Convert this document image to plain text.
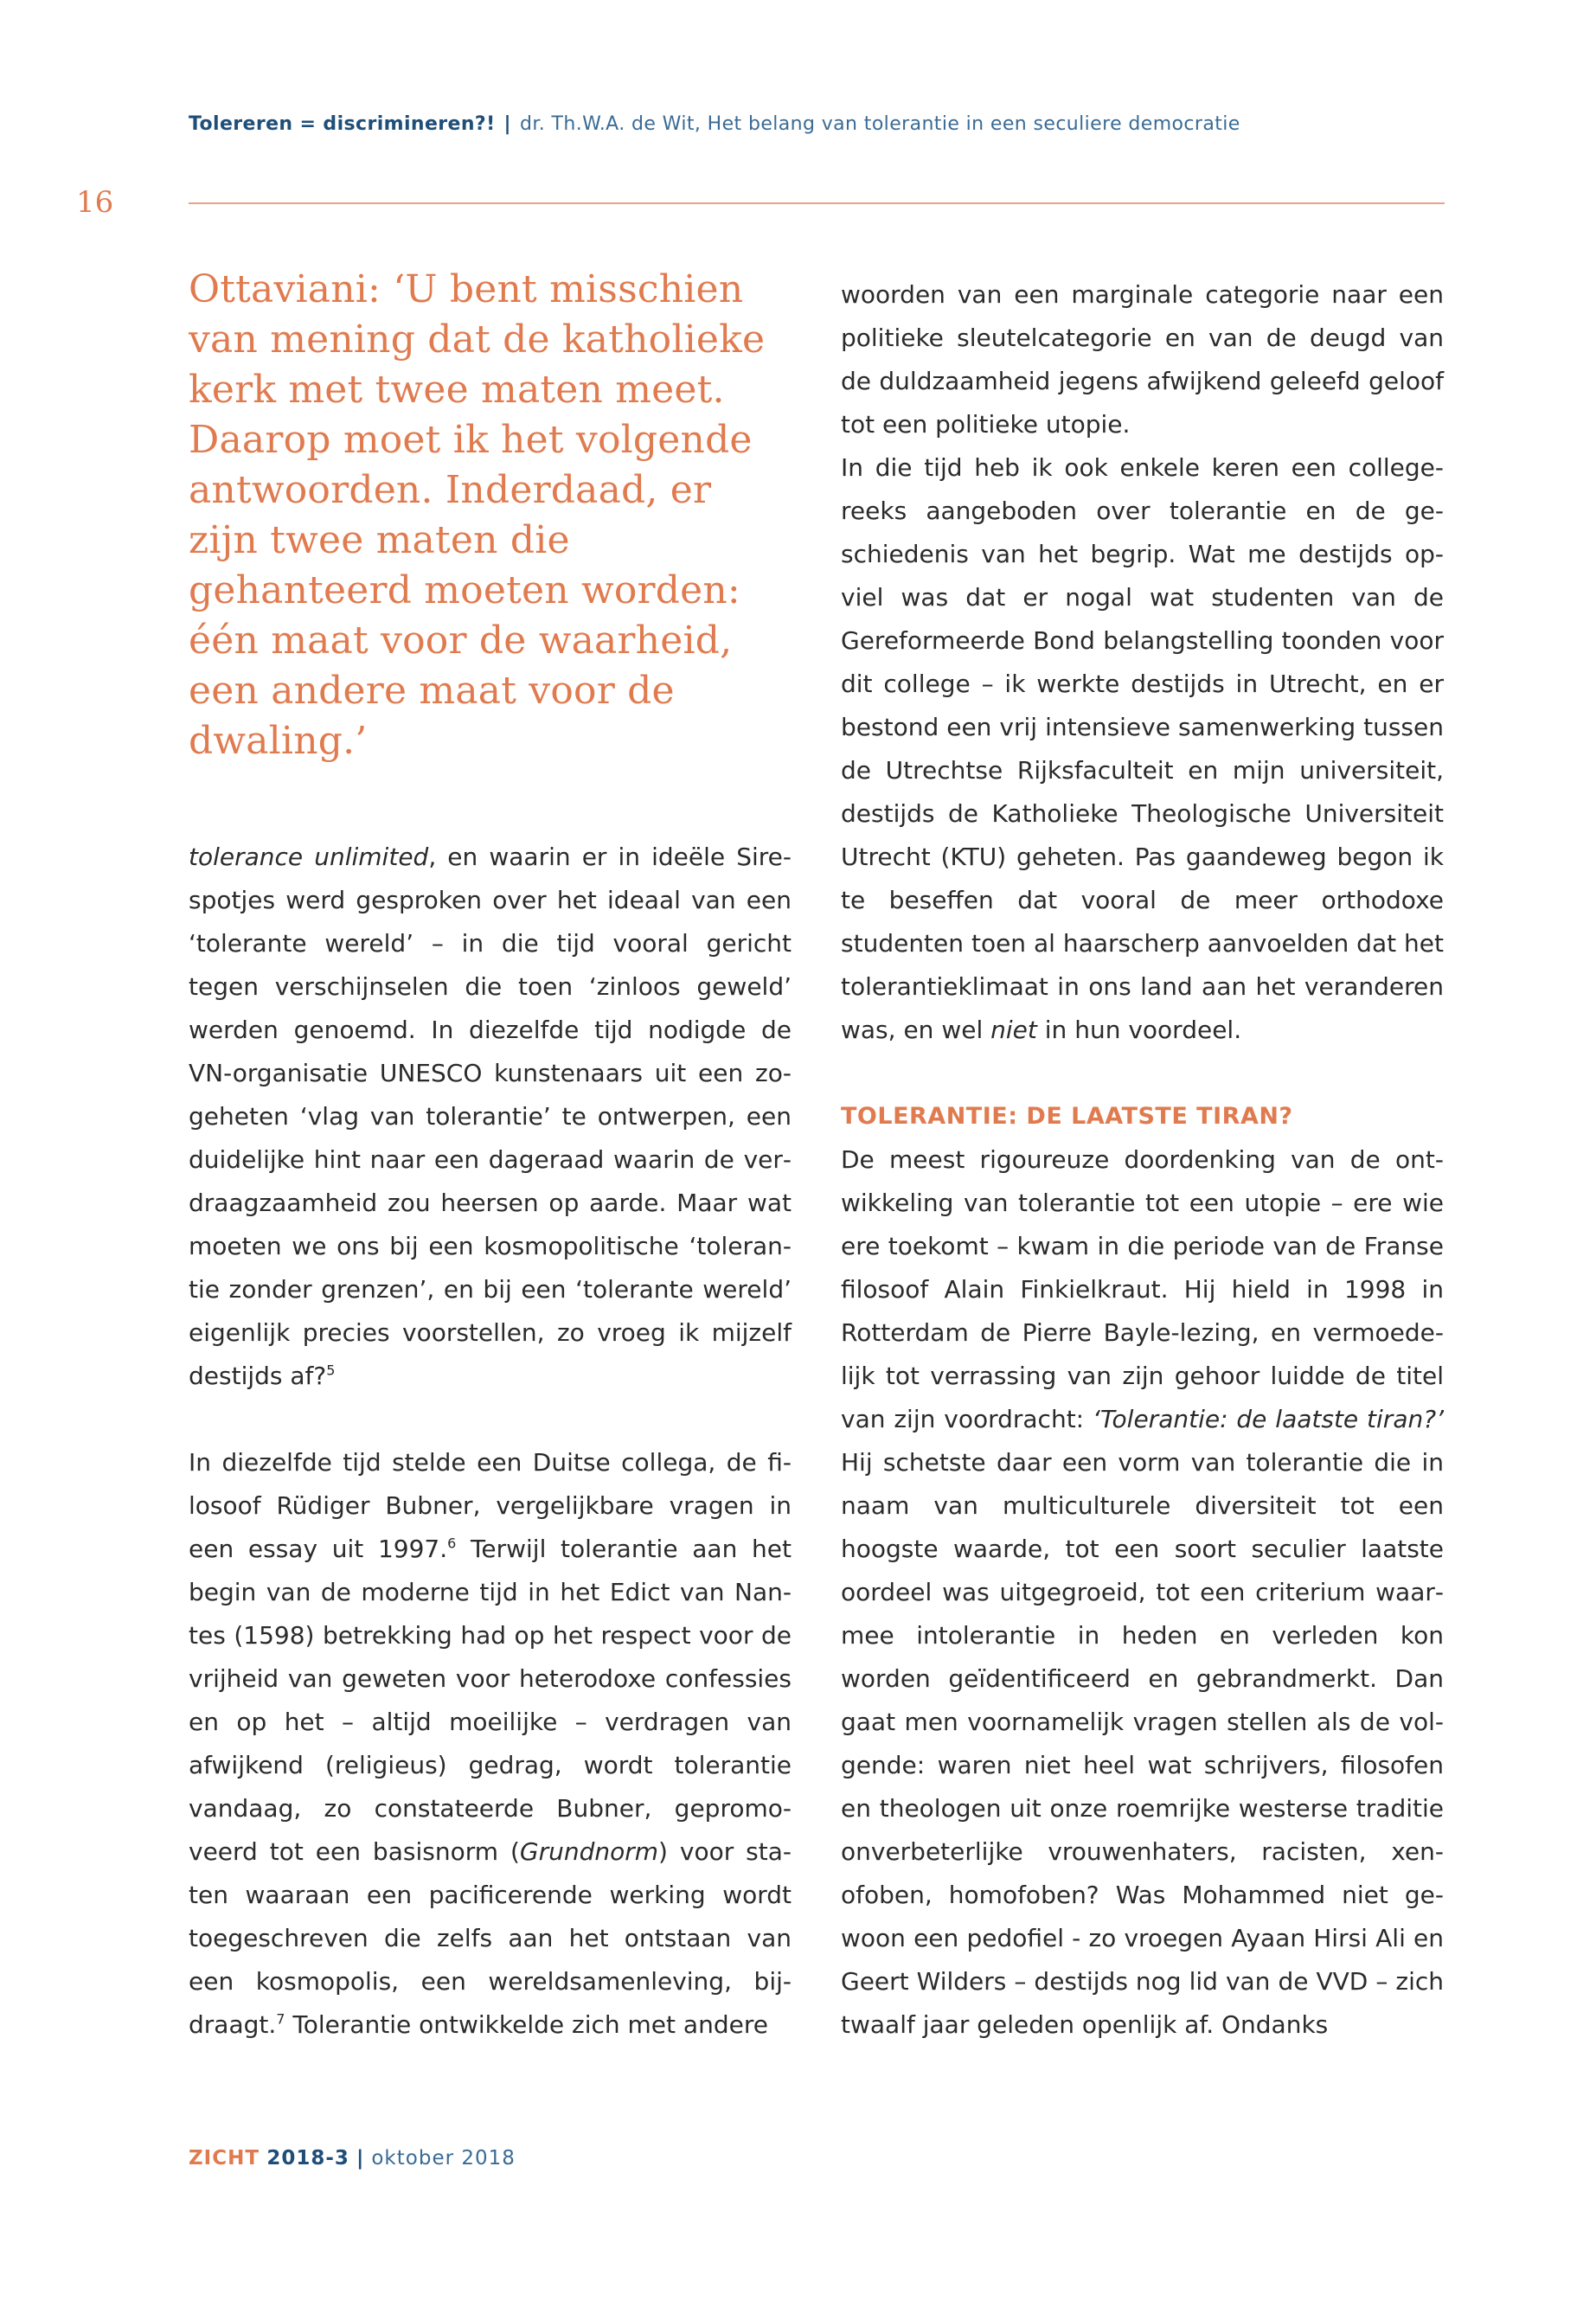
Tolereren = discrimineren?! | dr. Th.W.A. de Wit, Het belang van tolerantie in een seculiere democratie
16

Ottaviani: ‘U bent misschien van mening dat de katholieke kerk met twee maten meet. Daarop moet ik het volgende antwoorden. Inderdaad, er zijn twee maten die gehanteerd moeten worden: één maat voor de waarheid, een andere maat voor de dwaling.’

tolerance unlimited, en waarin er in ideële Sire-spotjes werd gesproken over het ideaal van een ‘tolerante wereld’ – in die tijd vooral gericht tegen verschijnselen die toen ‘zinloos geweld’ werden genoemd. In diezelfde tijd nodigde de VN-organisatie UNESCO kunstenaars uit een zogeheten ‘vlag van tolerantie’ te ontwerpen, een duidelijke hint naar een dageraad waarin de verdraagzaamheid zou heersen op aarde. Maar wat moeten we ons bij een kosmopolitische ‘tolerantie zonder grenzen’, en bij een ‘tolerante wereld’ eigenlijk precies voorstellen, zo vroeg ik mijzelf destijds af?$^5$

In diezelfde tijd stelde een Duitse collega, de filosoof Rüdiger Bubner, vergelijkbare vragen in een essay uit 1997.$^6$ Terwijl tolerantie aan het begin van de moderne tijd in het Edict van Nantes (1598) betrekking had op het respect voor de vrijheid van geweten voor heterodoxe confessies en op het – altijd moeilijke – verdragen van afwijkend (religieus) gedrag, wordt tolerantie vandaag, zo constateerde Bubner, gepromoveerd tot een basisnorm (Grundnorm) voor staten waaraan een pacificerende werking wordt toegeschreven die zelfs aan het ontstaan van een kosmopolis, een wereldsamenleving, bijdraagt.$^7$ Tolerantie ontwikkelde zich met andere

woorden van een marginale categorie naar een politieke sleutelcategorie en van de deugd van de duldzaamheid jegens afwijkend geleefd geloof tot een politieke utopie.

In die tijd heb ik ook enkele keren een collegereeks aangeboden over tolerantie en de geschiedenis van het begrip. Wat me destijds opviel was dat er nogal wat studenten van de Gereformeerde Bond belangstelling toonden voor dit college – ik werkte destijds in Utrecht, en er bestond een vrij intensieve samenwerking tussen de Utrechtse Rijksfaculteit en mijn universiteit, destijds de Katholieke Theologische Universiteit Utrecht (KTU) geheten. Pas gaandeweg begon ik te beseffen dat vooral de meer orthodoxe studenten toen al haarscherp aanvoelden dat het tolerantieklimaat in ons land aan het veranderen was, en wel niet in hun voordeel.

TOLERANTIE: DE LAATSTE TIRAN?

De meest rigoureuze doordenking van de ontwikkeling van tolerantie tot een utopie – ere wie ere toekomt – kwam in die periode van de Franse filosoof Alain Finkielkraut. Hij hield in 1998 in Rotterdam de Pierre Bayle-lezing, en vermoedelijk tot verrassing van zijn gehoor luidde de titel van zijn voordracht: ‘Tolerantie: de laatste tiran?’ Hij schetste daar een vorm van tolerantie die in naam van multiculturele diversiteit tot een hoogste waarde, tot een soort seculier laatste oordeel was uitgegroeid, tot een criterium waarmee intolerantie in heden en verleden kon worden geïdentificeerd en gebrandmerkt. Dan gaat men voornamelijk vragen stellen als de volgende: waren niet heel wat schrijvers, filosofen en theologen uit onze roemrijke westerse traditie onverbeterlijke vrouwenhaters, racisten, xenofoben, homofoben? Was Mohammed niet gewoon een pedofiel - zo vroegen Ayaan Hirsi Ali en Geert Wilders – destijds nog lid van de VVD – zich twaalf jaar geleden openlijk af. Ondanks

ZICHT 2018-3 | oktober 2018
